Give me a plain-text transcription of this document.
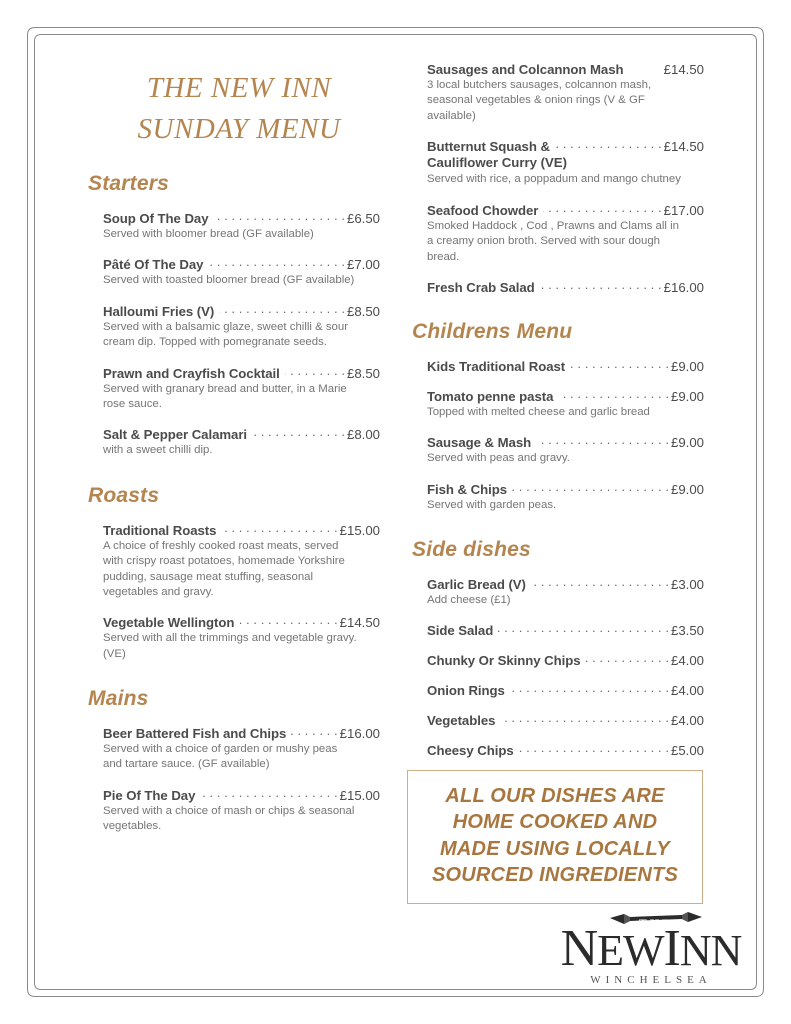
THE NEW INN
SUNDAY MENU
Starters
Soup Of The Day . . .	£6.50
Served with bloomer bread (GF available)
Pâté Of The Day . . .	£7.00
Served with toasted bloomer bread (GF available)
Halloumi Fries (V) . . .	£8.50
Served with a balsamic glaze, sweet chilli & sour cream dip. Topped with pomegranate seeds.
Prawn and Crayfish Cocktail . . .	£8.50
Served with granary bread and butter, in a Marie rose sauce.
Salt & Pepper Calamari . . .	£8.00
with a sweet chilli dip.
Roasts
Traditional Roasts . . .	£15.00
A choice of freshly cooked roast meats, served with crispy roast potatoes, homemade Yorkshire pudding, sausage meat stuffing, seasonal vegetables and gravy.
Vegetable Wellington . . .	£14.50
Served with all the trimmings and vegetable gravy. (VE)
Mains
Beer Battered Fish and Chips . . .	£16.00
Served with a choice of garden or mushy peas and tartare sauce. (GF available)
Pie Of The Day . . .	£15.00
Served with a choice of mash or chips & seasonal vegetables.
Sausages and Colcannon Mash	£14.50
3 local butchers sausages, colcannon mash, seasonal vegetables & onion rings (V & GF available)
Butternut Squash & . . .	£14.50
Cauliflower Curry (VE)
Served with rice, a poppadum and mango chutney
Seafood Chowder . . .	£17.00
Smoked Haddock , Cod , Prawns and Clams all in a creamy onion broth. Served with sour dough bread.
Fresh Crab Salad . . .	£16.00
Childrens Menu
Kids Traditional Roast . . .	£9.00
Tomato penne pasta . . .	£9.00
Topped with melted cheese and garlic bread
Sausage & Mash . . .	£9.00
Served with peas and gravy.
Fish & Chips . . .	£9.00
Served with garden peas.
Side dishes
Garlic Bread (V) . . .	£3.00
Add cheese (£1)
Side Salad . . .	£3.50
Chunky Or Skinny Chips . . .	£4.00
Onion Rings . . .	£4.00
Vegetables . . .	£4.00
Cheesy Chips . . .	£5.00
ALL OUR DISHES ARE
HOME COOKED AND
MADE USING LOCALLY
SOURCED INGREDIENTS
THE
NEWINN
WINCHELSEA
